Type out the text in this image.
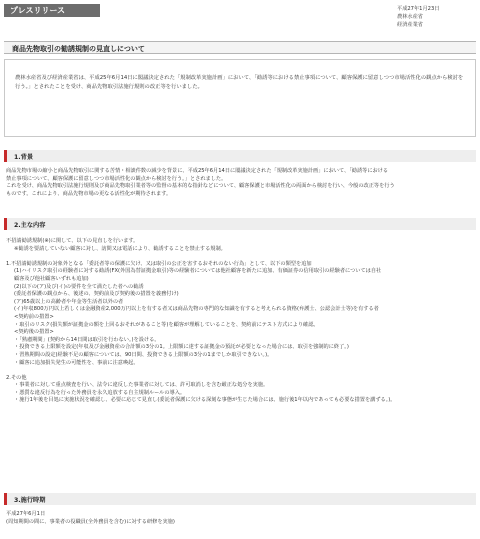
プレスリリース	平成27年1月23日
農林水産省
経済産業省
商品先物取引の勧誘規制の見直しについて
農林水産省及び経済産業省は、平成25年6月14日に閣議決定された「規制改革実施計画」において、「勧誘等における禁止事項について、顧客保護に留意しつつ市場活性化の観点から検討を行う。」とされたことを受け、商品先物取引法施行規則の改正等を行いました。
1.背景
商品先物市場の縮小と商品先物取引に関する苦情・相談件数の減少を背景に、平成25年6月14日に閣議決定された「規制改革実施計画」において、「勧誘等における
禁止事項について、顧客保護に留意しつつ市場活性化の観点から検討を行う。」とされました。
これを受け、商品先物取引法施行規則及び商品先物取引業者等の監督の基本的な指針などについて、顧客保護と市場活性化の両面から検討を行い、今般の改正等を行う
ものです。これにより、商品先物市場の更なる活性化が期待されます。
2.主な内容
不招請勧誘規制(※)に関して、以下の見直しを行います。
※勧誘を要請していない顧客に対し、訪問又は電話により、勧誘することを禁止する規制。

1.不招請勧誘規制の対象外となる「委託者等の保護に欠け、又は取引の公正を害するおそれのない行為」として、以下の類型を追加
(1)ハイリスク取引の経験者に対する勧誘(FX(外国為替証拠金取引)等の経験者については他社顧客を新たに追加、有価証券の信用取引の経験者については自社
顧客及び他社顧客いずれも追加)
(2)以下の(ア)及び(イ)の要件を全て満たした者への勧誘
(委託者保護の観点から、後述の、契約前及び契約後の措置を義務付け)
(ア)65歳以上の高齢者や年金等生活者以外の者
(イ)年収800万円以上若しくは金融資産2,000万円以上を有する者又は商品先物の専門的な知識を有すると考えられる資格(弁護士、公認会計士等)を有する者
<契約前の措置>
・取引のリスク(損失額が証拠金の額を上回るおそれがあること等)を顧客が理解していることを、契約前にテスト方式により確認。
<契約後の措置>
・「熟慮期間」(契約から14日間は取引を行わない。)を設ける。
・投資できる上限額を設定(年収及び金融資産の合計額の3分の1。上限額に達する証拠金の預託が必要となった場合には、取引を強制的に終了。)
・習熟期間の設定(経験不足の顧客については、90日間、投資できる上限額の3分の1までしか取引できない。)。
・顧客に追加損失発生の可能性を、事前に注意喚起。

2.その他
・事業者に対して重点検査を行い、法令に違反した事業者に対しては、許可取消しを含む厳正な処分を実施。
・悪質な違反行為を行った外務員を永久追放する自主規制ルールの導入。
・施行1年後を目処に実施状況を確認し、必要に応じて見直し(委託者保護に欠ける深刻な事態が生じた場合には、施行後1年以内であっても必要な措置を講ずる。)。
3.施行時期
平成27年6月1日
(周知期間の間に、事業者の役職員(全外務員を含む)に対する研修を実施)
